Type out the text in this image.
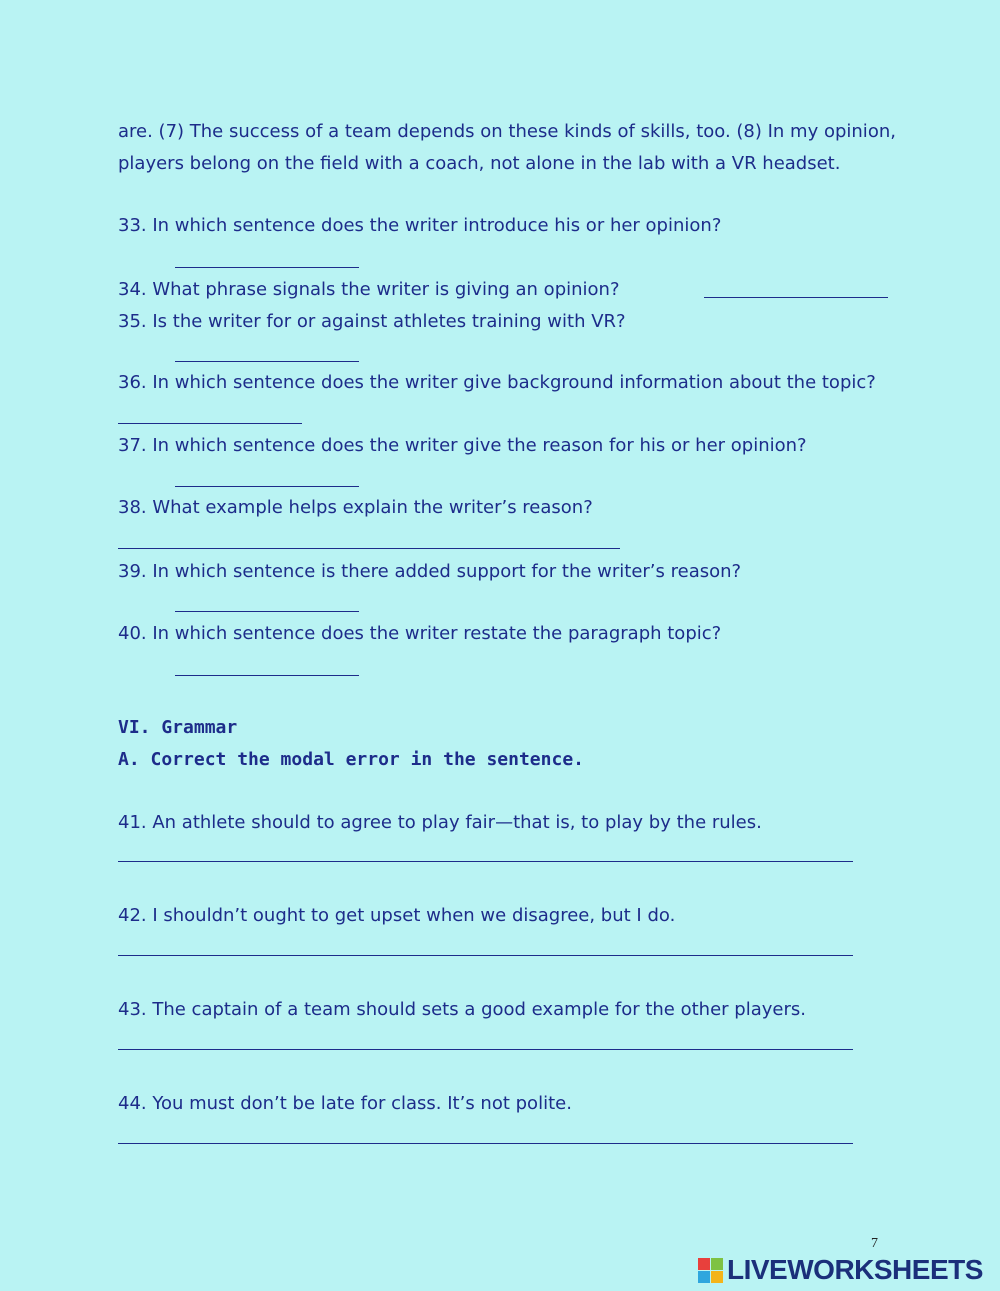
are. (7) The success of a team depends on these kinds of skills, too. (8) In my opinion,
players belong on the field with a coach, not alone in the lab with a VR headset.
33. In which sentence does the writer introduce his or her opinion?
34. What phrase signals the writer is giving an opinion?
35. Is the writer for or against athletes training with VR?
36. In which sentence does the writer give background information about the topic?
37. In which sentence does the writer give the reason for his or her opinion?
38. What example helps explain the writer’s reason?
39. In which sentence is there added support for the writer’s reason?
40. In which sentence does the writer restate the paragraph topic?
VI. Grammar
A. Correct the modal error in the sentence.
41. An athlete should to agree to play fair—that is, to play by the rules.
42. I shouldn’t ought to get upset when we disagree, but I do.
43. The captain of a team should sets a good example for the other players.
44. You must don’t be late for class. It’s not polite.
7
LIVEWORKSHEETS
